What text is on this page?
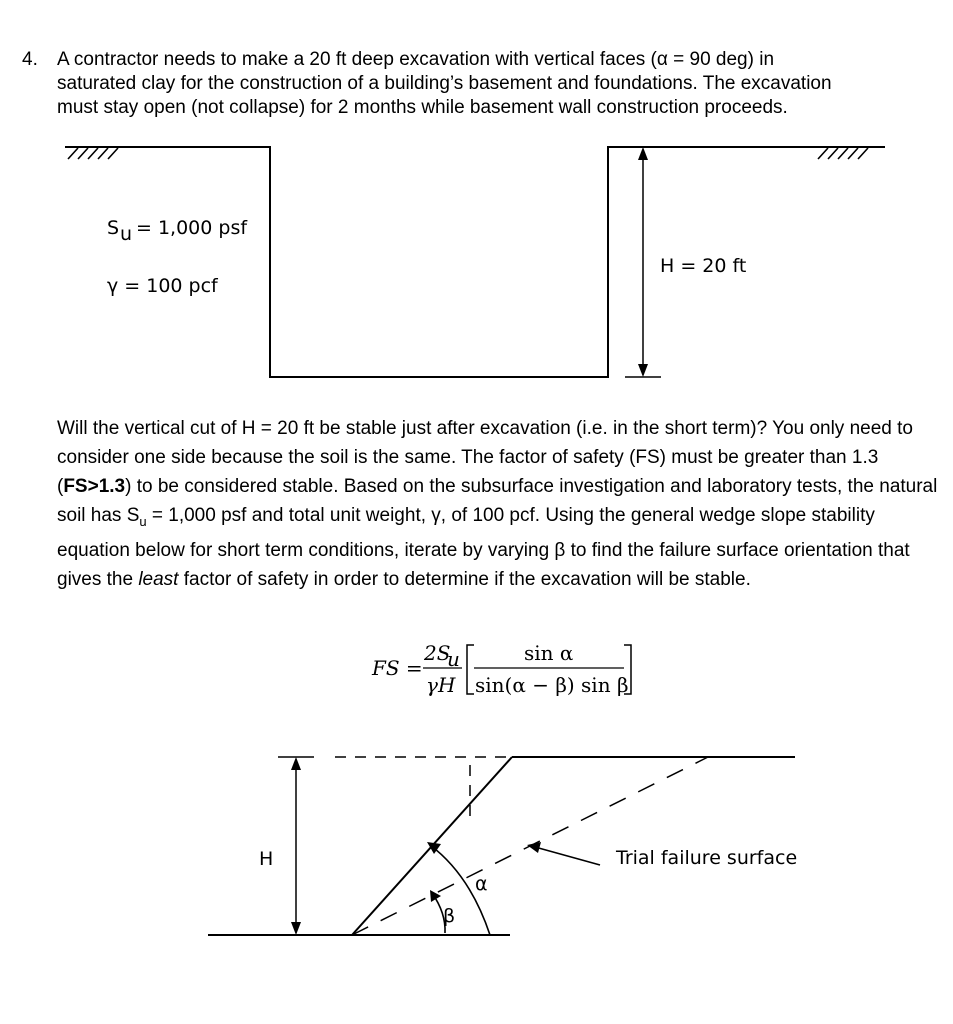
4. A contractor needs to make a 20 ft deep excavation with vertical faces (α = 90 deg) in
saturated clay for the construction of a building’s basement and foundations. The excavation
must stay open (not collapse) for 2 months while basement wall construction proceeds.
S u = 1,000 psf
γ = 100 pcf
H = 20 ft
Will the vertical cut of H = 20 ft be stable just after excavation (i.e. in the short term)? You only need to consider one side because the soil is the same. The factor of safety (FS) must be greater than 1.3 (FS>1.3) to be considered stable. Based on the subsurface investigation and laboratory tests, the natural soil has $S_u = 1,000$ psf and total unit weight, γ, of 100 pcf. Using the general wedge slope stability equation below for short term conditions, iterate by varying β to find the failure surface orientation that gives the least factor of safety in order to determine if the excavation will be stable.
FS =
2S
u
γH
sin α
sin(α − β) sin β
H
α
β
Trial failure surface
